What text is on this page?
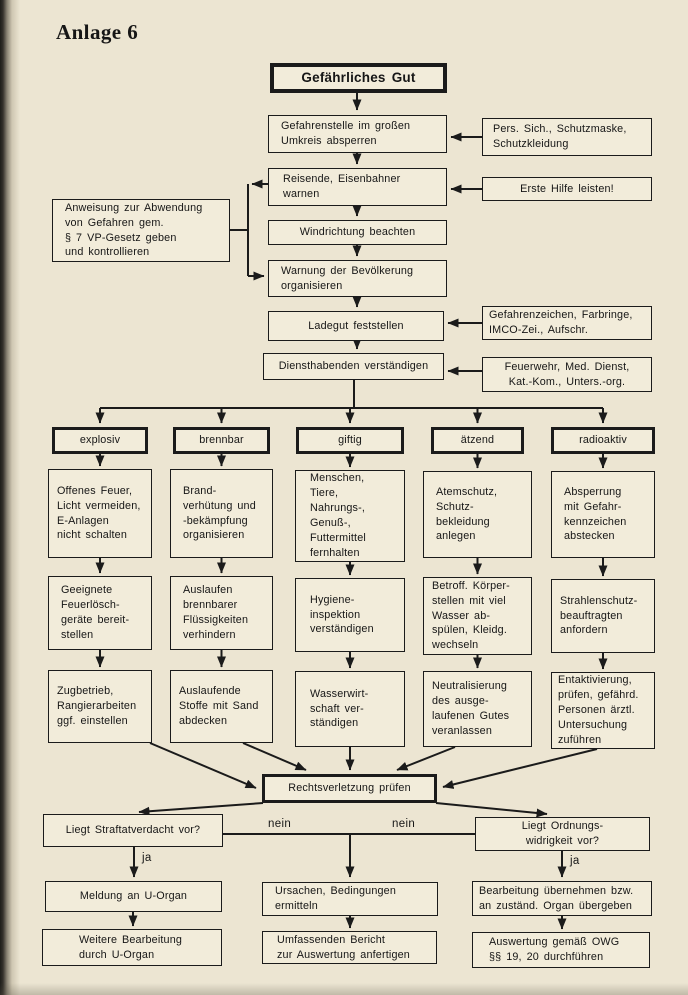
Anlage 6
Gefährliches Gut
Gefahrenstelle im großen
Umkreis absperren
Pers. Sich., Schutzmaske,
Schutzkleidung
Reisende, Eisenbahner
warnen	Erste Hilfe leisten!
Anweisung zur Abwendung
von Gefahren gem.
§ 7 VP-Gesetz geben
und kontrollieren
Windrichtung beachten
Warnung der Bevölkerung
organisieren
Ladegut feststellen
Gefahrenzeichen, Farbringe,
IMCO-Zei., Aufschr.
Diensthabenden verständigen	Feuerwehr, Med. Dienst,
Kat.-Kom., Unters.-org.
explosiv	brennbar	giftig	ätzend	radioaktiv
Offenes Feuer,
Licht vermeiden,
E-Anlagen
nicht schalten
Brand-
verhütung und
-bekämpfung
organisieren
Menschen,
Tiere,
Nahrungs-,
Genuß-,
Futtermittel
fernhalten
Atemschutz,
Schutz-
bekleidung
anlegen
Absperrung
mit Gefahr-
kennzeichen
abstecken
Geeignete
Feuerlösch-
geräte bereit-
stellen
Auslaufen
brennbarer
Flüssigkeiten
verhindern
Hygiene-
inspektion
verständigen
Betroff. Körper-
stellen mit viel
Wasser ab-
spülen, Kleidg.
wechseln
Strahlenschutz-
beauftragten
anfordern
Zugbetrieb,
Rangierarbeiten
ggf. einstellen
Auslaufende
Stoffe mit Sand
abdecken
Wasserwirt-
schaft ver-
ständigen
Neutralisierung
des ausge-
laufenen Gutes
veranlassen
Entaktivierung,
prüfen, gefährd.
Personen ärztl.
Untersuchung
zuführen
Rechtsverletzung prüfen
Liegt Straftatverdacht vor?	Liegt Ordnungs-
widrigkeit vor?
nein	nein
ja	ja
Meldung an U-Organ
Weitere Bearbeitung
durch U-Organ
Ursachen, Bedingungen
ermitteln
Umfassenden Bericht
zur Auswertung anfertigen
Bearbeitung übernehmen bzw.
an zuständ. Organ übergeben
Auswertung gemäß OWG
§§ 19, 20 durchführen
